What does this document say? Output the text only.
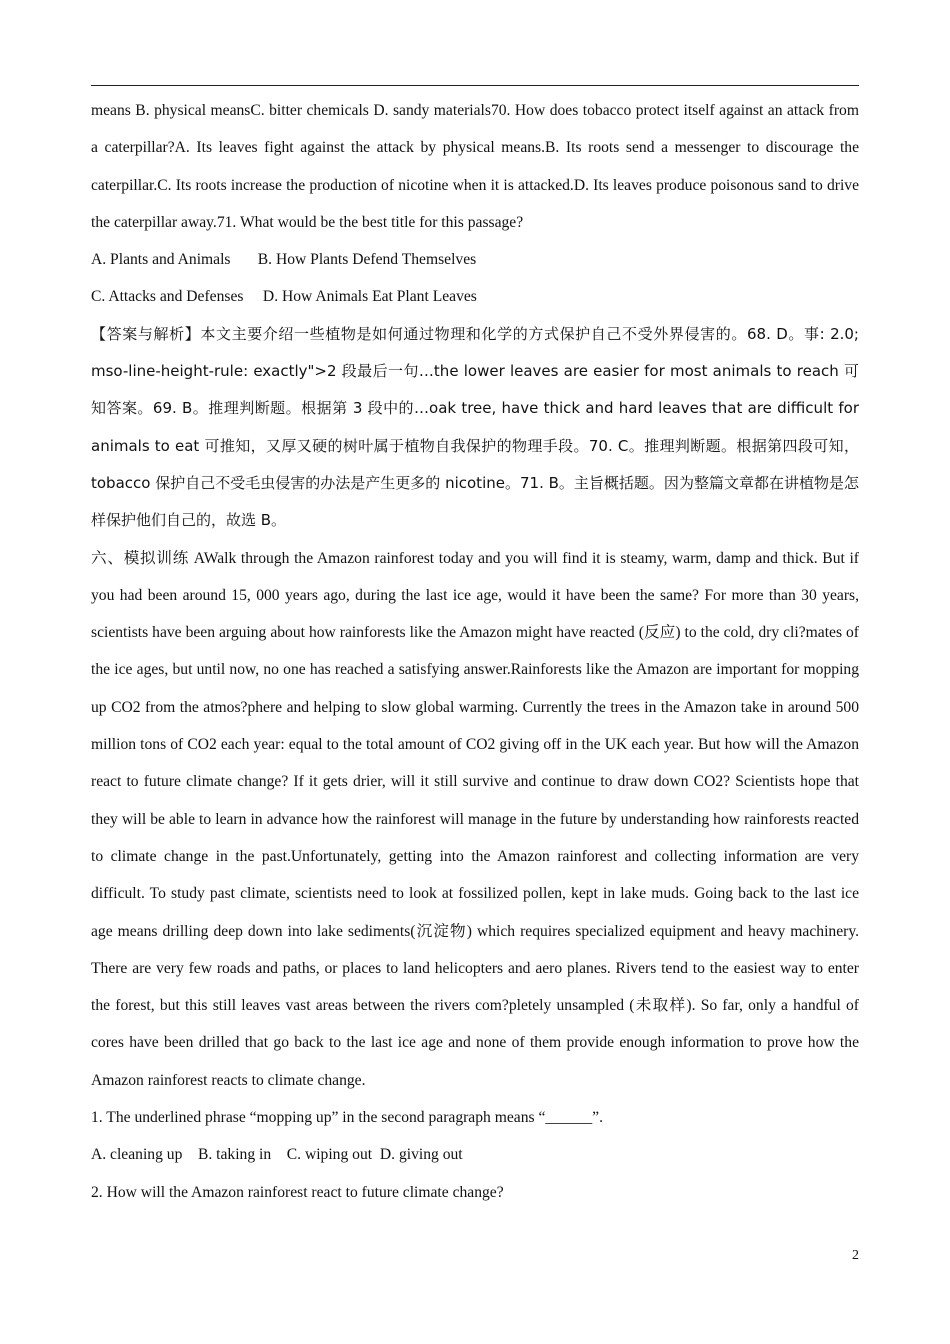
means B. physical meansC. bitter chemicals D. sandy materials70. How does tobacco protect itself against an attack from a caterpillar?A. Its leaves fight against the attack by physical means.B. Its roots send a messenger to discourage the caterpillar.C. Its roots increase the production of nicotine when it is attacked.D. Its leaves produce poisonous sand to drive the caterpillar away.71. What would be the best title for this passage?

A. Plants and Animals       B. How Plants Defend Themselves

C. Attacks and Defenses     D. How Animals Eat Plant Leaves

【答案与解析】本文主要介绍一些植物是如何通过物理和化学的方式保护自己不受外界侵害的。68. D。事: 2.0; mso-line-height-rule: exactly">2 段最后一句…the lower leaves are easier for most animals to reach 可知答案。69. B。推理判断题。根据第 3 段中的…oak tree, have thick and hard leaves that are difficult for animals to eat 可推知，又厚又硬的树叶属于植物自我保护的物理手段。70. C。推理判断题。根据第四段可知，tobacco 保护自己不受毛虫侵害的办法是产生更多的 nicotine。71. B。主旨概括题。因为整篇文章都在讲植物是怎样保护他们自己的，故选 B。

六、模拟训练 AWalk through the Amazon rainforest today and you will find it is steamy, warm, damp and thick. But if you had been around 15, 000 years ago, during the last ice age, would it have been the same? For more than 30 years, scientists have been arguing about how rainforests like the Amazon might have reacted (反应) to the cold, dry cli?mates of the ice ages, but until now, no one has reached a satisfying answer.Rainforests like the Amazon are important for mopping up CO2 from the atmos?phere and helping to slow global warming. Currently the trees in the Amazon take in around 500 million tons of CO2 each year: equal to the total amount of CO2 giving off in the UK each year. But how will the Amazon react to future climate change? If it gets drier, will it still survive and continue to draw down CO2? Scientists hope that they will be able to learn in advance how the rainforest will manage in the future by understanding how rainforests reacted to climate change in the past.Unfortunately, getting into the Amazon rainforest and collecting information are very difficult. To study past climate, scientists need to look at fossilized pollen, kept in lake muds. Going back to the last ice age means drilling deep down into lake sediments(沉淀物) which requires specialized equipment and heavy machinery. There are very few roads and paths, or places to land helicopters and aero planes. Rivers tend to the easiest way to enter the forest, but this still leaves vast areas between the rivers com?pletely unsampled (未取样). So far, only a handful of cores have been drilled that go back to the last ice age and none of them provide enough information to prove how the Amazon rainforest reacts to climate change.

1. The underlined phrase “mopping up” in the second paragraph means “______”.

A. cleaning up    B. taking in    C. wiping out  D. giving out

2. How will the Amazon rainforest react to future climate change?

2
